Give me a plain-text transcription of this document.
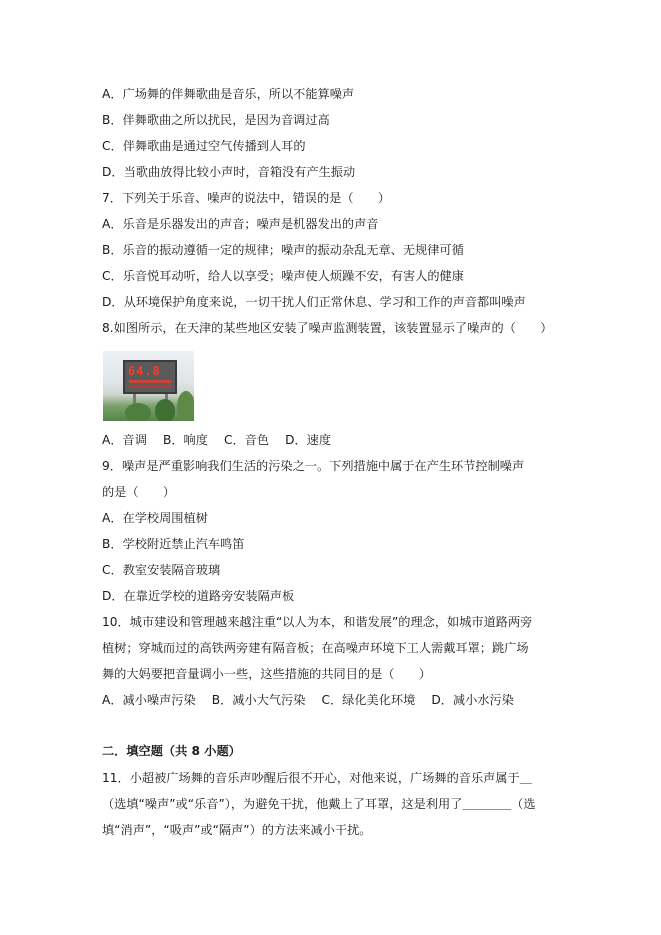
A．广场舞的伴舞歌曲是音乐，所以不能算噪声
B．伴舞歌曲之所以扰民，是因为音调过高
C．伴舞歌曲是通过空气传播到人耳的
D．当歌曲放得比较小声时，音箱没有产生振动
7．下列关于乐音、噪声的说法中，错误的是（　　）
A．乐音是乐器发出的声音；噪声是机器发出的声音
B．乐音的振动遵循一定的规律；噪声的振动杂乱无章、无规律可循
C．乐音悦耳动听，给人以享受；噪声使人烦躁不安，有害人的健康
D．从环境保护角度来说，一切干扰人们正常休息、学习和工作的声音都叫噪声
8.如图所示，在天津的某些地区安装了噪声监测装置，该装置显示了噪声的（　　）
64.8
A．音调　 B．响度　 C．音色　 D．速度
9．噪声是严重影响我们生活的污染之一。下列措施中属于在产生环节控制噪声
的是（　　）
A．在学校周围植树
B．学校附近禁止汽车鸣笛
C．教室安装隔音玻璃
D．在靠近学校的道路旁安装隔声板
10．城市建设和管理越来越注重“以人为本，和谐发展”的理念，如城市道路两旁
植树；穿城而过的高铁两旁建有隔音板；在高噪声环境下工人需戴耳罩；跳广场
舞的大妈要把音量调小一些，这些措施的共同目的是（　　）
A．减小噪声污染　 B．减小大气污染　 C．绿化美化环境　 D．减小水污染
二．填空题（共 8 小题）
11．小超被广场舞的音乐声吵醒后很不开心，对他来说，广场舞的音乐声属于＿
（选填“噪声”或“乐音”），为避免干扰，他戴上了耳罩，这是利用了＿＿＿＿（选
填“消声”，“吸声”或“隔声”）的方法来减小干扰。
